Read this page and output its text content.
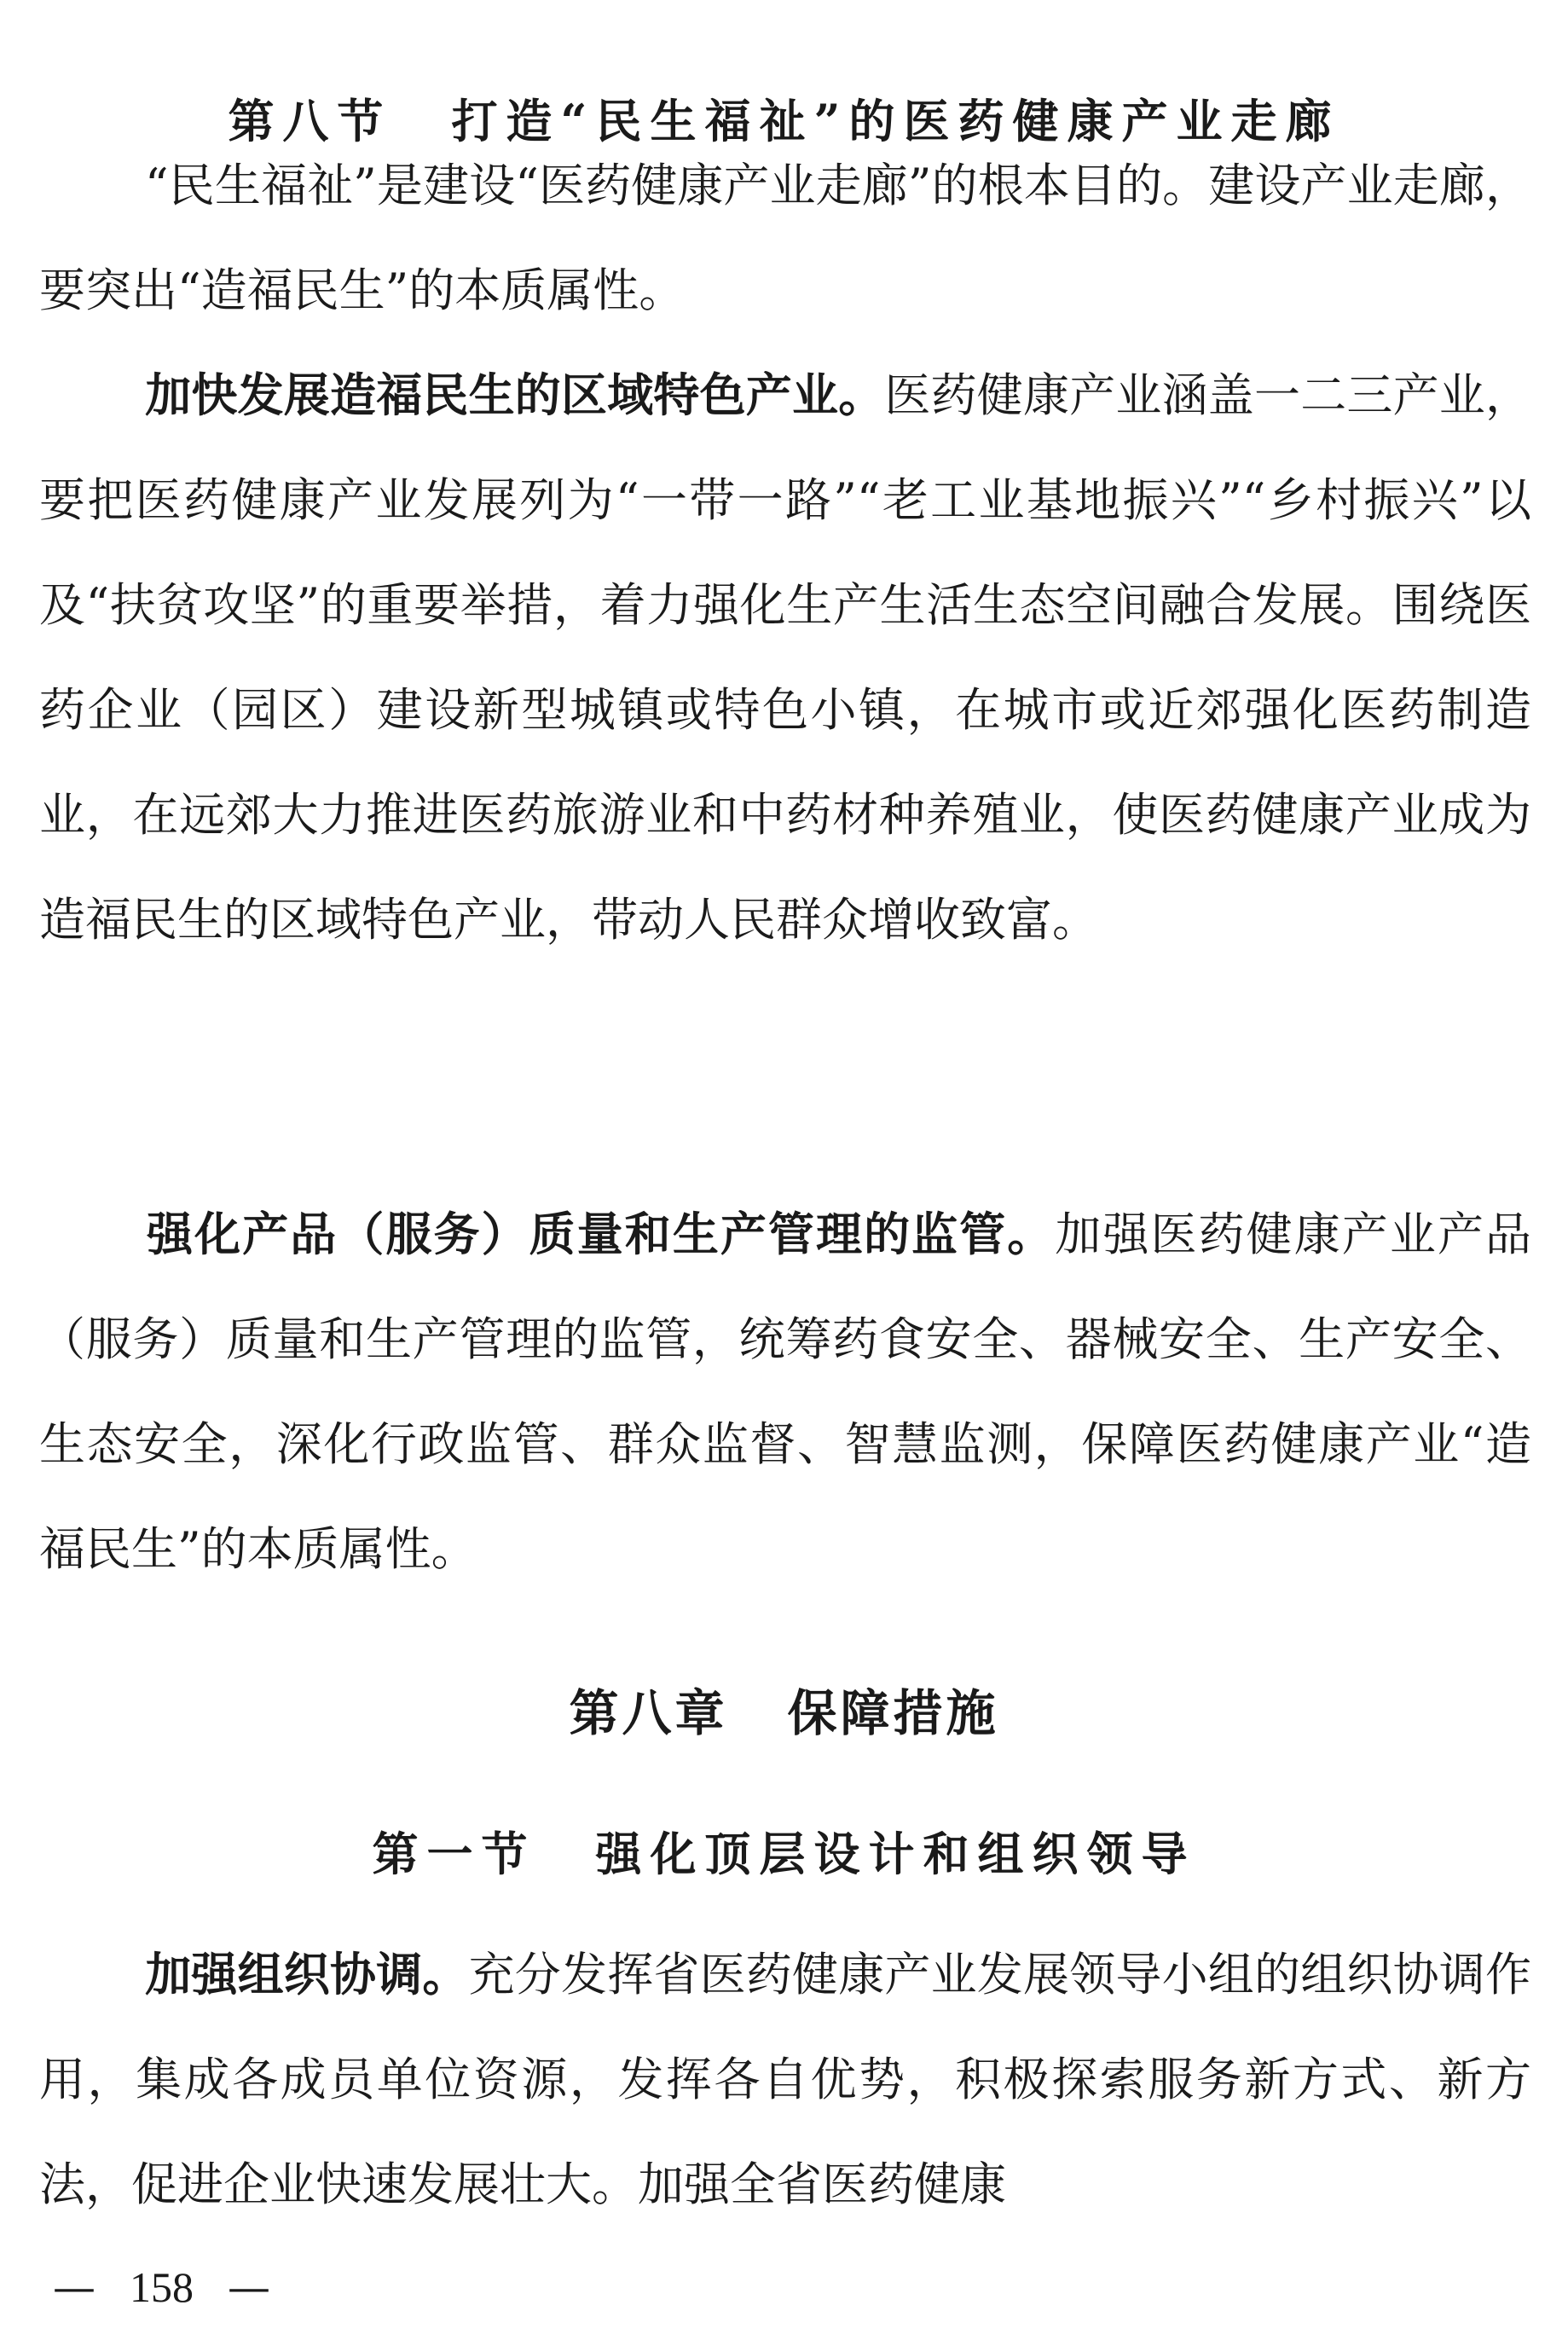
第八节 打造“民生福祉”的医药健康产业走廊

“民生福祉”是建设“医药健康产业走廊”的根本目的。建设产业走廊，要突出“造福民生”的本质属性。

加快发展造福民生的区域特色产业。医药健康产业涵盖一二三产业，要把医药健康产业发展列为“一带一路”“老工业基地振兴”“乡村振兴”以及“扶贫攻坚”的重要举措，着力强化生产生活生态空间融合发展。围绕医药企业（园区）建设新型城镇或特色小镇，在城市或近郊强化医药制造业，在远郊大力推进医药旅游业和中药材种养殖业，使医药健康产业成为造福民生的区域特色产业，带动人民群众增收致富。

强化产品（服务）质量和生产管理的监管。加强医药健康产业产品（服务）质量和生产管理的监管，统筹药食安全、器械安全、生产安全、生态安全，深化行政监管、群众监督、智慧监测，保障医药健康产业“造福民生”的本质属性。

第八章 保障措施
第一节 强化顶层设计和组织领导

加强组织协调。充分发挥省医药健康产业发展领导小组的组织协调作用，集成各成员单位资源，发挥各自优势，积极探索服务新方式、新方法，促进企业快速发展壮大。加强全省医药健康

— 158 —
